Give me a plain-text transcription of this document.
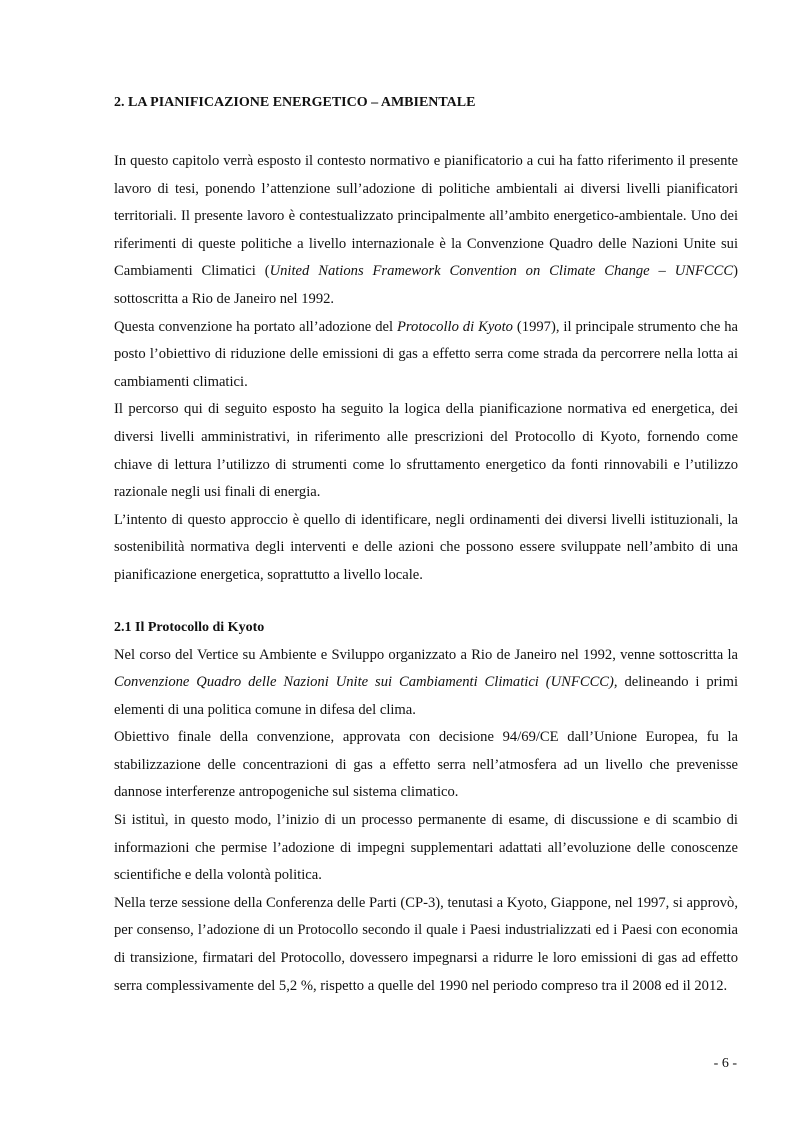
2. LA PIANIFICAZIONE ENERGETICO – AMBIENTALE

In questo capitolo verrà esposto il contesto normativo e pianificatorio a cui ha fatto riferimento il presente lavoro di tesi, ponendo l’attenzione sull’adozione di politiche ambientali ai diversi livelli pianificatori territoriali. Il presente lavoro è contestualizzato principalmente all’ambito energetico-ambientale. Uno dei riferimenti di queste politiche a livello internazionale è la Convenzione Quadro delle Nazioni Unite sui Cambiamenti Climatici (United Nations Framework Convention on Climate Change – UNFCCC) sottoscritta a Rio de Janeiro nel 1992.

Questa convenzione ha portato all’adozione del Protocollo di Kyoto (1997), il principale strumento che ha posto l’obiettivo di riduzione delle emissioni di gas a effetto serra come strada da percorrere nella lotta ai cambiamenti climatici.

Il percorso qui di seguito esposto ha seguito la logica della pianificazione normativa ed energetica, dei diversi livelli amministrativi, in riferimento alle prescrizioni del Protocollo di Kyoto, fornendo come chiave di lettura l’utilizzo di strumenti come lo sfruttamento energetico da fonti rinnovabili e l’utilizzo razionale negli usi finali di energia.

L’intento di questo approccio è quello di identificare, negli ordinamenti dei diversi livelli istituzionali, la sostenibilità normativa degli interventi e delle azioni che possono essere sviluppate nell’ambito di una pianificazione energetica, soprattutto a livello locale.

2.1 Il Protocollo di Kyoto

Nel corso del Vertice su Ambiente e Sviluppo organizzato a Rio de Janeiro nel 1992, venne sottoscritta la Convenzione Quadro delle Nazioni Unite sui Cambiamenti Climatici (UNFCCC), delineando i primi elementi di una politica comune in difesa del clima.

Obiettivo finale della convenzione, approvata con decisione 94/69/CE dall’Unione Europea, fu la stabilizzazione delle concentrazioni di gas a effetto serra nell’atmosfera ad un livello che prevenisse dannose interferenze antropogeniche sul sistema climatico.

Si istituì, in questo modo, l’inizio di un processo permanente di esame, di discussione e di scambio di informazioni che permise l’adozione di impegni supplementari adattati all’evoluzione delle conoscenze scientifiche e della volontà politica.

Nella terze sessione della Conferenza delle Parti (CP-3), tenutasi a Kyoto, Giappone, nel 1997, si approvò, per consenso, l’adozione di un Protocollo secondo il quale i Paesi industrializzati ed i Paesi con economia di transizione, firmatari del Protocollo, dovessero impegnarsi a ridurre le loro emissioni di gas ad effetto serra complessivamente del 5,2 %, rispetto a quelle del 1990 nel periodo compreso tra il 2008 ed il 2012.

- 6 -
